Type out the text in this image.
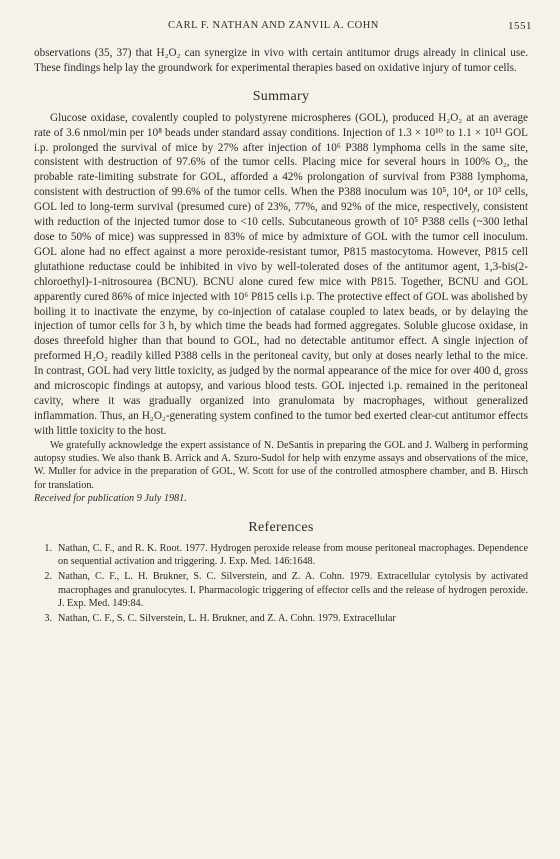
CARL F. NATHAN AND ZANVIL A. COHN	1551

observations (35, 37) that H₂O₂ can synergize in vivo with certain antitumor drugs already in clinical use. These findings help lay the groundwork for experimental therapies based on oxidative injury of tumor cells.

Summary

Glucose oxidase, covalently coupled to polystyrene microspheres (GOL), produced H₂O₂ at an average rate of 3.6 nmol/min per 10⁸ beads under standard assay conditions. Injection of 1.3 × 10¹⁰ to 1.1 × 10¹¹ GOL i.p. prolonged the survival of mice by 27% after injection of 10⁶ P388 lymphoma cells in the same site, consistent with destruction of 97.6% of the tumor cells. Placing mice for several hours in 100% O₂, the probable rate-limiting substrate for GOL, afforded a 42% prolongation of survival from P388 lymphoma, consistent with destruction of 99.6% of the tumor cells. When the P388 inoculum was 10⁵, 10⁴, or 10³ cells, GOL led to long-term survival (presumed cure) of 23%, 77%, and 92% of the mice, respectively, consistent with reduction of the injected tumor dose to <10 cells. Subcutaneous growth of 10⁵ P388 cells (~300 lethal dose to 50% of mice) was suppressed in 83% of mice by admixture of GOL with the tumor cell inoculum. GOL alone had no effect against a more peroxide-resistant tumor, P815 mastocytoma. However, P815 cell glutathione reductase could be inhibited in vivo by well-tolerated doses of the antitumor agent, 1,3-bis(2-chloroethyl)-1-nitrosourea (BCNU). BCNU alone cured few mice with P815. Together, BCNU and GOL apparently cured 86% of mice injected with 10⁶ P815 cells i.p. The protective effect of GOL was abolished by boiling it to inactivate the enzyme, by co-injection of catalase coupled to latex beads, or by delaying the injection of tumor cells for 3 h, by which time the beads had formed aggregates. Soluble glucose oxidase, in doses threefold higher than that bound to GOL, had no detectable antitumor effect. A single injection of preformed H₂O₂ readily killed P388 cells in the peritoneal cavity, but only at doses nearly lethal to the mice. In contrast, GOL had very little toxicity, as judged by the normal appearance of the mice for over 400 d, gross and microscopic findings at autopsy, and various blood tests. GOL injected i.p. remained in the peritoneal cavity, where it was gradually organized into granulomata by macrophages, without generalized inflammation. Thus, an H₂O₂-generating system confined to the tumor bed exerted clear-cut antitumor effects with little toxicity to the host.

We gratefully acknowledge the expert assistance of N. DeSantis in preparing the GOL and J. Walberg in performing autopsy studies. We also thank B. Arrick and A. Szuro-Sudol for help with enzyme assays and observations of the mice, W. Muller for advice in the preparation of GOL, W. Scott for use of the controlled atmosphere chamber, and B. Hirsch for translation.

Received for publication 9 July 1981.

References
1. Nathan, C. F., and R. K. Root. 1977. Hydrogen peroxide release from mouse peritoneal macrophages. Dependence on sequential activation and triggering. J. Exp. Med. 146:1648.
2. Nathan, C. F., L. H. Brukner, S. C. Silverstein, and Z. A. Cohn. 1979. Extracellular cytolysis by activated macrophages and granulocytes. I. Pharmacologic triggering of effector cells and the release of hydrogen peroxide. J. Exp. Med. 149:84.
3. Nathan, C. F., S. C. Silverstein, L. H. Brukner, and Z. A. Cohn. 1979. Extracellular
